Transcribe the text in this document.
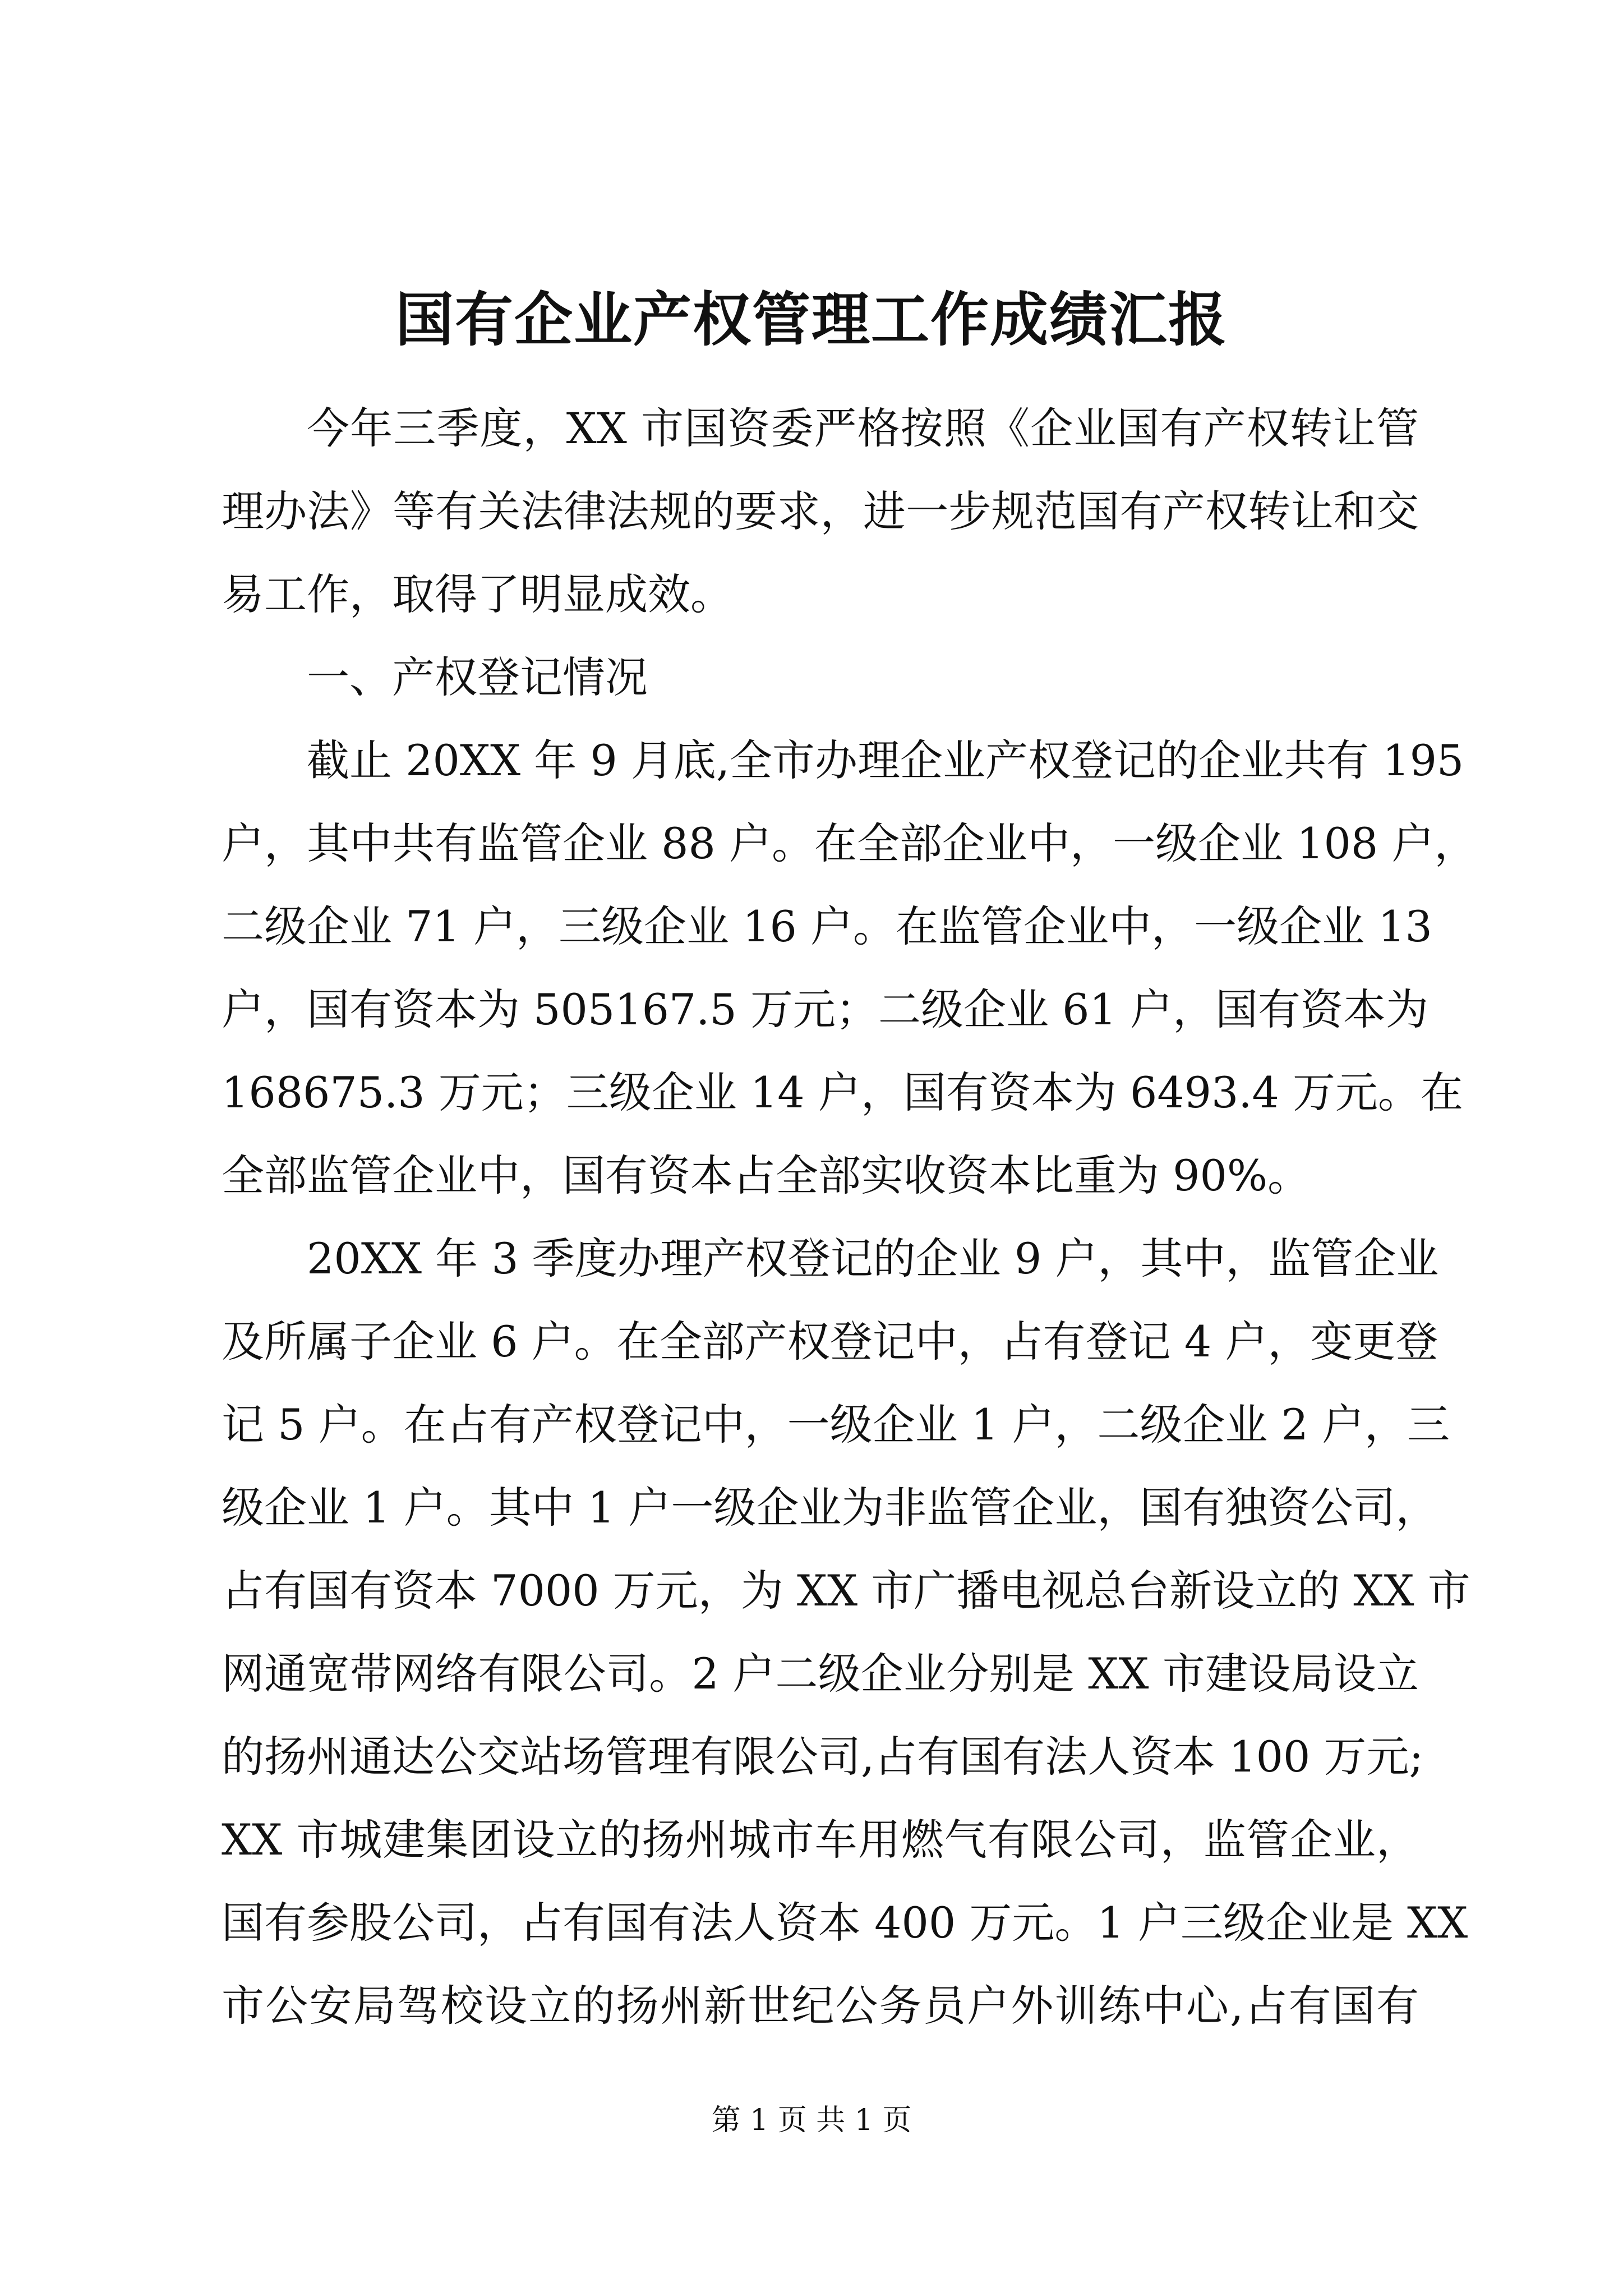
国有企业产权管理工作成绩汇报
今年三季度，XX 市国资委严格按照《企业国有产权转让管
理办法》等有关法律法规的要求，进一步规范国有产权转让和交
易工作，取得了明显成效。
一、产权登记情况
截止 20XX 年 9 月底,全市办理企业产权登记的企业共有 195
户，其中共有监管企业 88 户。在全部企业中，一级企业 108 户，
二级企业 71 户，三级企业 16 户。在监管企业中，一级企业 13
户，国有资本为 505167.5 万元；二级企业 61 户，国有资本为
168675.3 万元；三级企业 14 户，国有资本为 6493.4 万元。在
全部监管企业中，国有资本占全部实收资本比重为 90%。
20XX 年 3 季度办理产权登记的企业 9 户，其中，监管企业
及所属子企业 6 户。在全部产权登记中，占有登记 4 户，变更登
记 5 户。在占有产权登记中，一级企业 1 户，二级企业 2 户，三
级企业 1 户。其中 1 户一级企业为非监管企业，国有独资公司，
占有国有资本 7000 万元，为 XX 市广播电视总台新设立的 XX 市
网通宽带网络有限公司。2 户二级企业分别是 XX 市建设局设立
的扬州通达公交站场管理有限公司,占有国有法人资本 100 万元;
XX 市城建集团设立的扬州城市车用燃气有限公司，监管企业，
国有参股公司，占有国有法人资本 400 万元。1 户三级企业是 XX
市公安局驾校设立的扬州新世纪公务员户外训练中心,占有国有
第 1 页 共 1 页
